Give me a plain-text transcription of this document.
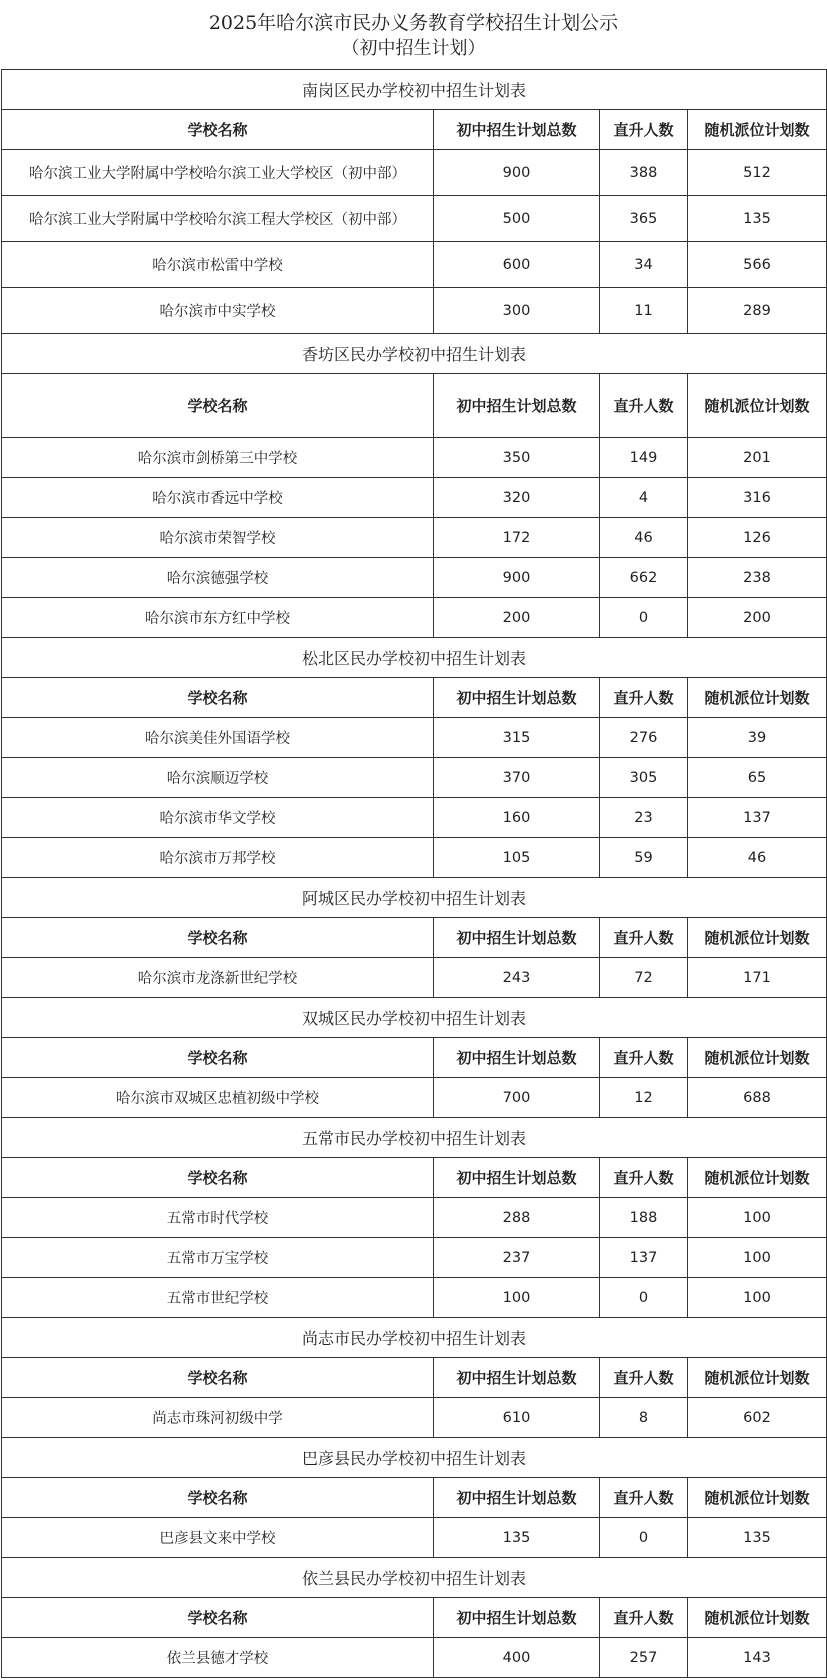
2025年哈尔滨市民办义务教育学校招生计划公示
（初中招生计划）
南岗区民办学校初中招生计划表			
学校名称	初中招生计划总数	直升人数	随机派位计划数
哈尔滨工业大学附属中学校哈尔滨工业大学校区（初中部）	900	388	512
哈尔滨工业大学附属中学校哈尔滨工程大学校区（初中部）	500	365	135
哈尔滨市松雷中学校	600	34	566
哈尔滨市中实学校	300	11	289
香坊区民办学校初中招生计划表			
学校名称	初中招生计划总数	直升人数	随机派位计划数
哈尔滨市剑桥第三中学校	350	149	201
哈尔滨市香远中学校	320	4	316
哈尔滨市荣智学校	172	46	126
哈尔滨德强学校	900	662	238
哈尔滨市东方红中学校	200	0	200
松北区民办学校初中招生计划表			
学校名称	初中招生计划总数	直升人数	随机派位计划数
哈尔滨美佳外国语学校	315	276	39
哈尔滨顺迈学校	370	305	65
哈尔滨市华文学校	160	23	137
哈尔滨市万邦学校	105	59	46
阿城区民办学校初中招生计划表			
学校名称	初中招生计划总数	直升人数	随机派位计划数
哈尔滨市龙涤新世纪学校	243	72	171
双城区民办学校初中招生计划表			
学校名称	初中招生计划总数	直升人数	随机派位计划数
哈尔滨市双城区忠植初级中学校	700	12	688
五常市民办学校初中招生计划表			
学校名称	初中招生计划总数	直升人数	随机派位计划数
五常市时代学校	288	188	100
五常市万宝学校	237	137	100
五常市世纪学校	100	0	100
尚志市民办学校初中招生计划表			
学校名称	初中招生计划总数	直升人数	随机派位计划数
尚志市珠河初级中学	610	8	602
巴彦县民办学校初中招生计划表			
学校名称	初中招生计划总数	直升人数	随机派位计划数
巴彦县文来中学校	135	0	135
依兰县民办学校初中招生计划表			
学校名称	初中招生计划总数	直升人数	随机派位计划数
依兰县德才学校	400	257	143
